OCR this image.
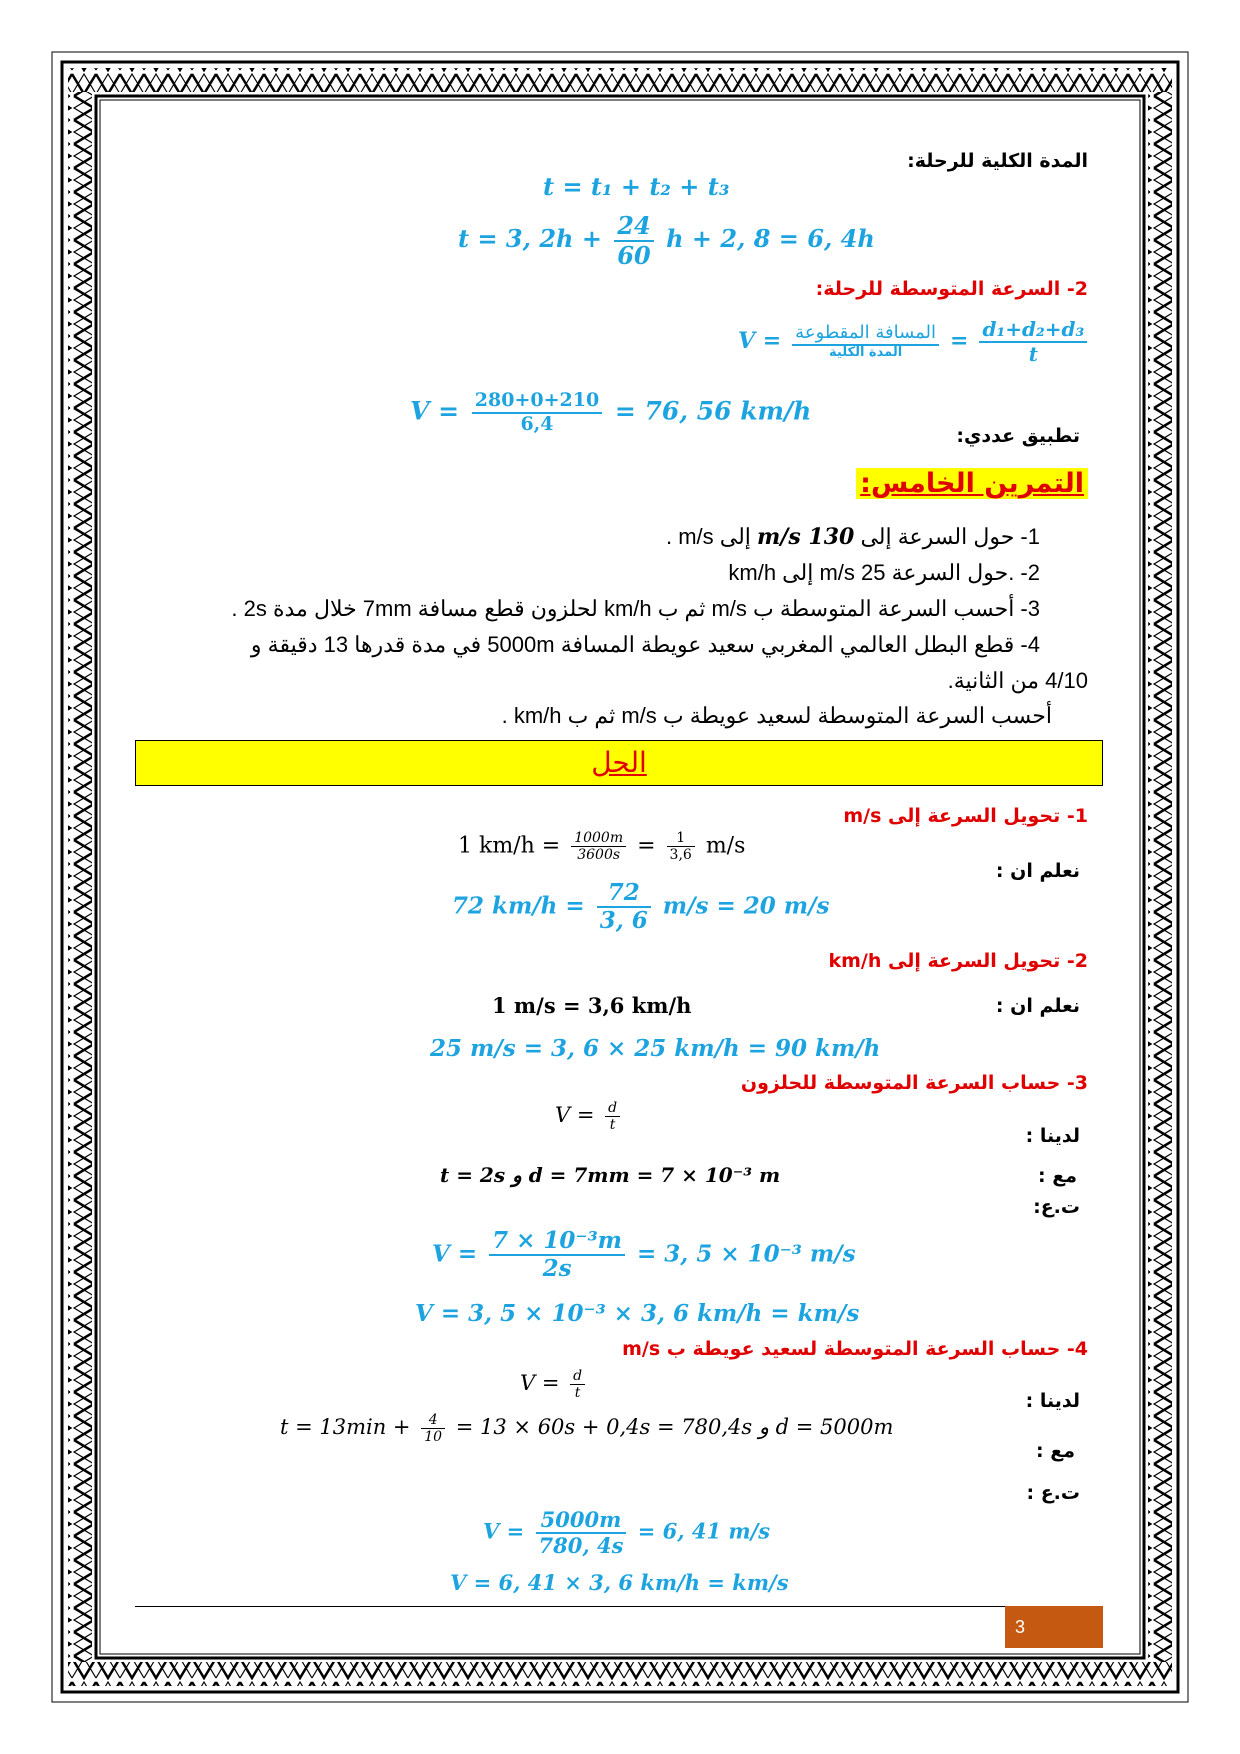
المدة الكلية للرحلة:
t = t₁ + t₂ + t₃
t = 3, $2h + \frac{24}{60}$ h + 2, 8 = 6, 4h
2- السرعة المتوسطة للرحلة:
$V = \frac{\text{المسافة المقطوعة}}{\text{المدة الكلية}} = \frac{\text{d₁+d₂+d₃}}{t}$
تطبيق عددي:
$V = \frac{280+0+210}{6,4} = 76$, 56 km/h
التمرين الخامس:
1- حول السرعة إلى 130 m/s إلى m/s .
2- .حول السرعة 25 m/s إلى km/h
3- أحسب السرعة المتوسطة ب m/s ثم ب km/h لحلزون قطع مسافة 7mm خلال مدة 2s .
4- قطع البطل العالمي المغربي سعيد عويطة المسافة 5000m في مدة قدرها 13 دقيقة و
4/10 من الثانية.
أحسب السرعة المتوسطة لسعيد عويطة ب m/s ثم ب km/h .
الحل
1- تحويل السرعة إلى m/s
نعلم ان :
1 $km/h = \frac{1000m}{3600s} = \frac{1}{3,6} m/s$
72 $km/h = \frac{72}{3, 6} m/s = 20$ m/s
2- تحويل السرعة إلى km/h
نعلم ان :
1 m/s = 3,6 km/h
25 m/s = 3, 6 × 25 km/h = 90 km/h
3- حساب السرعة المتوسطة للحلزون
$V = \frac{d}{t}$
لدينا :
مع :
t = 2s و d = 7mm = 7 × 10⁻³ m
ت.ع:
$V = \frac{\text{7 × 10⁻³m}}{2s} = 3$, 5 × 10⁻³ m/s
V = 3, 5 × 10⁻³ × 3, 6 km/h = km/s
4- حساب السرعة المتوسطة لسعيد عويطة ب m/s
$V = \frac{d}{t}$	لدينا :
$t = 13\min + \frac{4}{10} = 13 \times 60s + 0,4s = 780,4s$ و d = 5000m
مع :
ت.ع :
$V = \frac{5000m}{780, 4s} = 6$, 41 m/s
V = 6, 41 × 3, 6 km/h = km/s
3
